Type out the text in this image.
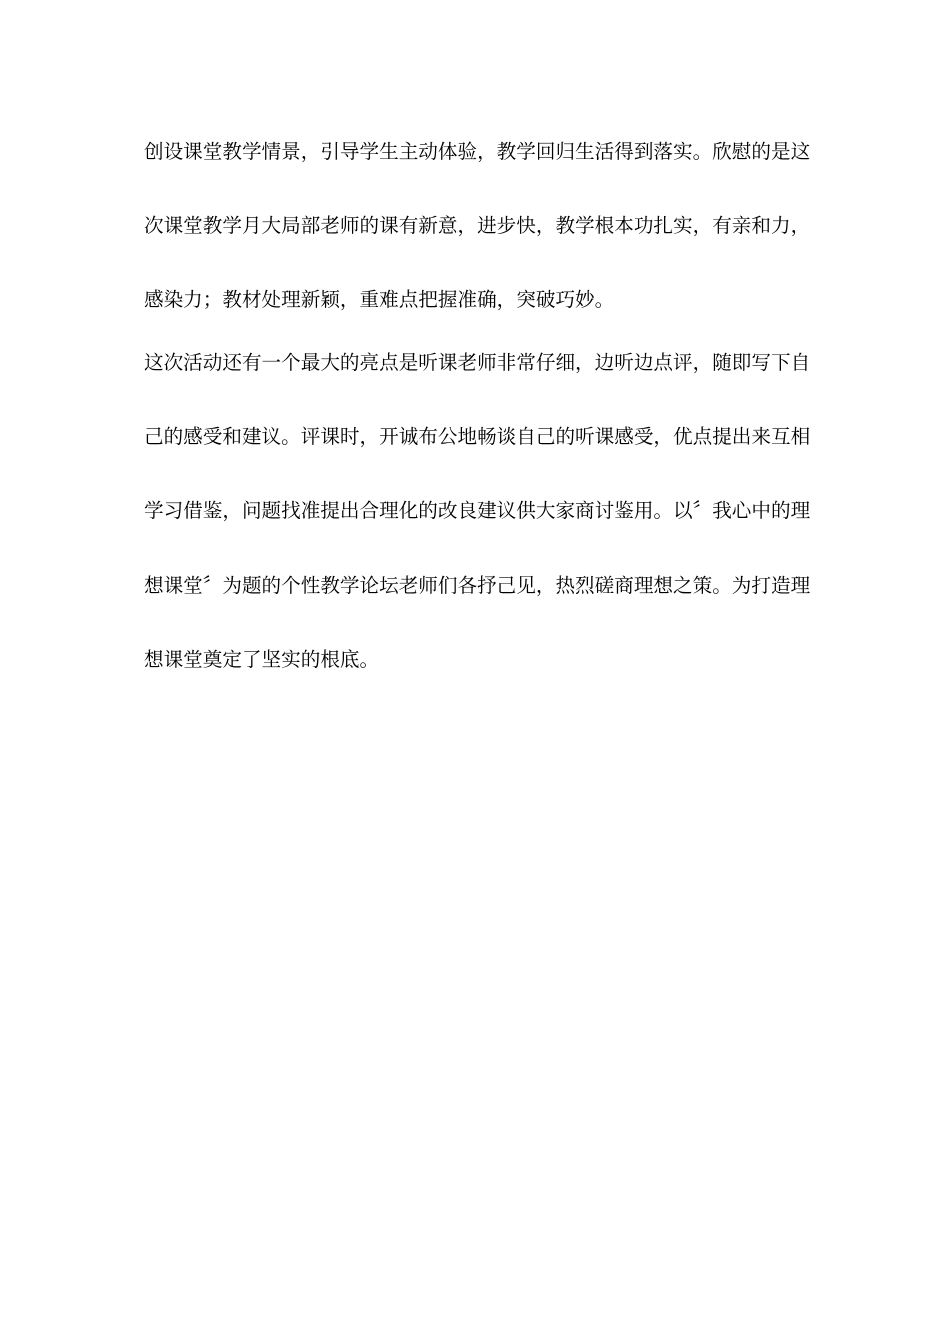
创设课堂教学情景，引导学生主动体验，教学回归生活得到落实。欣慰的是这
次课堂教学月大局部老师的课有新意，进步快，教学根本功扎实，有亲和力，
感染力；教材处理新颖，重难点把握准确，突破巧妙。
这次活动还有一个最大的亮点是听课老师非常仔细，边听边点评，随即写下自
己的感受和建议。评课时，开诚布公地畅谈自己的听课感受，优点提出来互相
学习借鉴，问题找准提出合理化的改良建议供大家商讨鉴用。以〞我心中的理
想课堂〞为题的个性教学论坛老师们各抒己见，热烈磋商理想之策。为打造理
想课堂奠定了坚实的根底。
